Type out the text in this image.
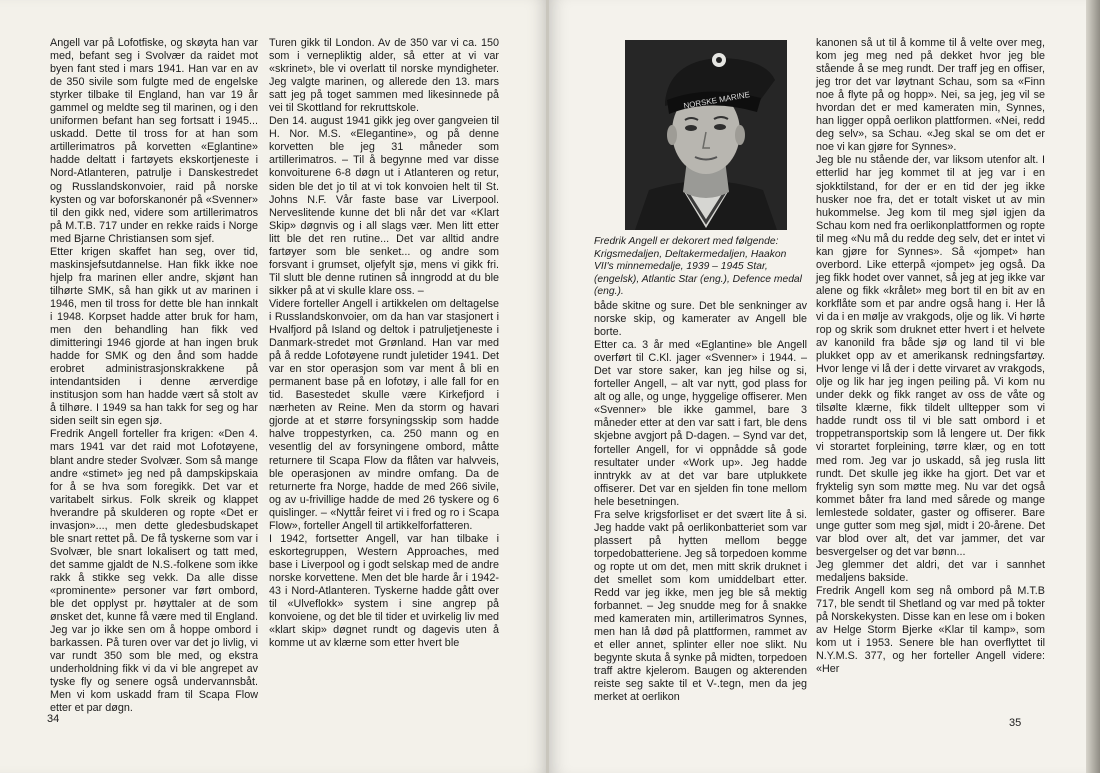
Angell var på Lofotfiske, og skøyta han var med, befant seg i Svolvær da raidet mot byen fant sted i mars 1941. Han var en av de 350 sivile som fulgte med de engelske styrker tilbake til England, han var 19 år gammel og meldte seg til marinen, og i den uniformen befant han seg fortsatt i 1945... uskadd. Dette til tross for at han som artillerimatros på korvetten «Eglantine» hadde deltatt i fartøyets ekskortjeneste i Nord-Atlanteren, patrulje i Danskestredet og Russlandskonvoier, raid på norske kysten og var boforskanonér på «Svenner» til den gikk ned, videre som artillerimatros på M.T.B. 717 under en rekke raids i Norge med Bjarne Christiansen som sjef.

Etter krigen skaffet han seg, over tid, maskinsjefsutdannelse. Han fikk ikke noe hjelp fra marinen eller andre, skjønt han tilhørte SMK, så han gikk ut av marinen i 1946, men til tross for dette ble han innkalt i 1948. Korpset hadde atter bruk for ham, men den behandling han fikk ved dimitteringi 1946 gjorde at han ingen bruk hadde for SMK og den ånd som hadde erobret administrasjonskrakkene på intendantsiden i denne ærverdige institusjon som han hadde vært så stolt av å tilhøre. I 1949 sa han takk for seg og har siden seilt sin egen sjø.

Fredrik Angell forteller fra krigen: «Den 4. mars 1941 var det raid mot Lofotøyene, blant andre steder Svolvær. Som så mange andre «stimet» jeg ned på dampskipskaia for å se hva som foregikk. Det var et varitabelt sirkus. Folk skreik og klappet hverandre på skulderen og ropte «Det er invasjon»..., men dette gledesbudskapet ble snart rettet på. De få tyskerne som var i Svolvær, ble snart lokalisert og tatt med, det samme gjaldt de N.S.-folkene som ikke rakk å stikke seg vekk. Da alle disse «prominente» personer var ført ombord, ble det opplyst pr. høyttaler at de som ønsket det, kunne få være med til England. Jeg var jo ikke sen om å hoppe ombord i barkassen. På turen over var det jo livlig, vi var rundt 350 som ble med, og ekstra underholdning fikk vi da vi ble angrepet av tyske fly og senere også undervannsbåt. Men vi kom uskadd fram til Scapa Flow etter et par døgn.

Turen gikk til London. Av de 350 var vi ca. 150 som i vernepliktig alder, så etter at vi var «skrinet», ble vi overlatt til norske myndigheter. Jeg valgte marinen, og allerede den 13. mars satt jeg på toget sammen med likesinnede på vei til Skottland for rekruttskole.

Den 14. august 1941 gikk jeg over gangveien til H. Nor. M.S. «Elegantine», og på denne korvetten ble jeg 31 måneder som artillerimatros. – Til å begynne med var disse konvoiturene 6-8 døgn ut i Atlanteren og retur, siden ble det jo til at vi tok konvoien helt til St. Johns N.F. Vår faste base var Liverpool. Nerveslitende kunne det bli når det var «Klart Skip» døgnvis og i all slags vær. Men litt etter litt ble det ren rutine... Det var alltid andre fartøyer som ble senket... og andre som forsvant i grumset, oljefylt sjø, mens vi gikk fri. Til slutt ble denne rutinen så inngrodd at du ble sikker på at vi skulle klare oss. –

Videre forteller Angell i artikkelen om deltagelse i Russlandskonvoier, om da han var stasjonert i Hvalfjord på Island og deltok i patruljetjeneste i Danmark-stredet mot Grønland. Han var med på å redde Lofotøyene rundt juletider 1941. Det var en stor operasjon som var ment å bli en permanent base på en lofotøy, i alle fall for en tid. Basestedet skulle være Kirkefjord i nærheten av Reine. Men da storm og havari gjorde at et større forsyningsskip som hadde halve troppestyrken, ca. 250 mann og en vesentlig del av forsyningene ombord, måtte returnere til Scapa Flow da flåten var halvveis, ble operasjonen av mindre omfang. Da de returnerte fra Norge, hadde de med 266 sivile, og av u-frivillige hadde de med 26 tyskere og 6 quislinger. – «Nyttår feiret vi i fred og ro i Scapa Flow», forteller Angell til artikkelforfatteren.

I 1942, fortsetter Angell, var han tilbake i eskortegruppen, Western Approaches, med base i Liverpool og i godt selskap med de andre norske korvettene. Men det ble harde år i 1942-43 i Nord-Atlanteren. Tyskerne hadde gått over til «Ulveflokk» system i sine angrep på konvoiene, og det ble til tider et uvirkelig liv med «klart skip» døgnet rundt og dagevis uten å komme ut av klærne som etter hvert ble

34
NORSKE MARINE

Fredrik Angell er dekorert med følgende: Krigsmedaljen, Deltakermedaljen, Haakon VII's minnemedalje, 1939 – 1945 Star, (engelsk), Atlantic Star (eng.), Defence medal (eng.).

både skitne og sure. Det ble senkninger av norske skip, og kamerater av Angell ble borte.

Etter ca. 3 år med «Eglantine» ble Angell overført til C.Kl. jager «Svenner» i 1944. – Det var store saker, kan jeg hilse og si, forteller Angell, – alt var nytt, god plass for alt og alle, og unge, hyggelige offiserer. Men «Svenner» ble ikke gammel, bare 3 måneder etter at den var satt i fart, ble dens skjebne avgjort på D-dagen. – Synd var det, forteller Angell, for vi oppnådde så gode resultater under «Work up». Jeg hadde inntrykk av at det var bare utplukkete offiserer. Det var en sjelden fin tone mellom hele besetningen.

Fra selve krigsforliset er det svært lite å si. Jeg hadde vakt på oerlikonbatteriet som var plassert på hytten mellom begge torpedobatteriene. Jeg så torpedoen komme og ropte ut om det, men mitt skrik druknet i det smellet som kom umiddelbart etter. Redd var jeg ikke, men jeg ble så mektig forbannet. – Jeg snudde meg for å snakke med kameraten min, artillerimatros Synnes, men han lå død på plattformen, rammet av et eller annet, splinter eller noe slikt. Nu begynte skuta å synke på midten, torpedoen traff aktre kjelerom. Baugen og akterenden reiste seg sakte til et V-.tegn, men da jeg merket at oerlikon

kanonen så ut til å komme til å velte over meg, kom jeg meg ned på dekket hvor jeg ble stående å se meg rundt. Der traff jeg en offiser, jeg tror det var løytnant Schau, som sa «Finn noe å flyte på og hopp». Nei, sa jeg, jeg vil se hvordan det er med kameraten min, Synnes, han ligger oppå oerlikon plattformen. «Nei, redd deg selv», sa Schau. «Jeg skal se om det er noe vi kan gjøre for Synnes».

Jeg ble nu stående der, var liksom utenfor alt. I etterlid har jeg kommet til at jeg var i en sjokktilstand, for der er en tid der jeg ikke husker noe fra, det er totalt visket ut av min hukommelse. Jeg kom til meg sjøl igjen da Schau kom ned fra oerlikonplattformen og ropte til meg «Nu må du redde deg selv, det er intet vi kan gjøre for Synnes». Så «jompet» han overbord. Like etterpå «jompet» jeg også. Da jeg fikk hodet over vannet, så jeg at jeg ikke var alene og fikk «krålet» meg bort til en bit av en korkflåte som et par andre også hang i. Her lå vi da i en mølje av vrakgods, olje og lik. Vi hørte rop og skrik som druknet etter hvert i et helvete av kanonild fra både sjø og land til vi ble plukket opp av et amerikansk redningsfartøy. Hvor lenge vi lå der i dette virvaret av vrakgods, olje og lik har jeg ingen peiling på. Vi kom nu under dekk og fikk ranget av oss de våte og tilsølte klærne, fikk tildelt ulltepper som vi hadde rundt oss til vi ble satt ombord i et troppetransportskip som lå lengere ut. Der fikk vi storartet forpleining, tørre klær, og en tott med rom. Jeg var jo uskadd, så jeg rusla litt rundt. Det skulle jeg ikke ha gjort. Det var et fryktelig syn som møtte meg. Nu var det også kommet båter fra land med sårede og mange lemlestede soldater, gaster og offiserer. Bare unge gutter som meg sjøl, midt i 20-årene. Det var blod over alt, det var jammer, det var besvergelser og det var bønn...

Jeg glemmer det aldri, det var i sannhet medaljens bakside.

Fredrik Angell kom seg nå ombord på M.T.B 717, ble sendt til Shetland og var med på tokter på Norskekysten. Disse kan en lese om i boken av Helge Storm Bjerke «Klar til kamp», som kom ut i 1953. Senere ble han overflyttet til N.Y.M.S. 377, og her forteller Angell videre: «Her

35
